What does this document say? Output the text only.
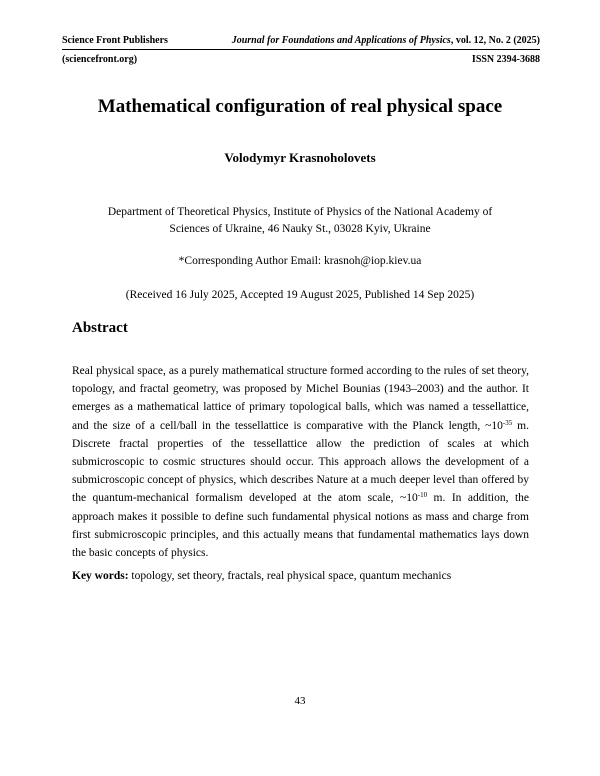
Science Front Publishers	Journal for Foundations and Applications of Physics, vol. 12, No. 2 (2025)
(sciencefront.org)	ISSN 2394-3688
Mathematical configuration of real physical space
Volodymyr Krasnoholovets
Department of Theoretical Physics, Institute of Physics of the National Academy of Sciences of Ukraine, 46 Nauky St., 03028 Kyiv, Ukraine
*Corresponding Author Email: krasnoh@iop.kiev.ua
(Received 16 July 2025, Accepted 19 August 2025, Published 14 Sep 2025)
Abstract
Real physical space, as a purely mathematical structure formed according to the rules of set theory, topology, and fractal geometry, was proposed by Michel Bounias (1943–2003) and the author. It emerges as a mathematical lattice of primary topological balls, which was named a tessellattice, and the size of a cell/ball in the tessellattice is comparative with the Planck length, $\sim 10^{-35}$ m. Discrete fractal properties of the tessellattice allow the prediction of scales at which submicroscopic to cosmic structures should occur. This approach allows the development of a submicroscopic concept of physics, which describes Nature at a much deeper level than offered by the quantum-mechanical formalism developed at the atom scale, $\sim 10^{-10}$ m. In addition, the approach makes it possible to define such fundamental physical notions as mass and charge from first submicroscopic principles, and this actually means that fundamental mathematics lays down the basic concepts of physics.
Key words: topology, set theory, fractals, real physical space, quantum mechanics
43
